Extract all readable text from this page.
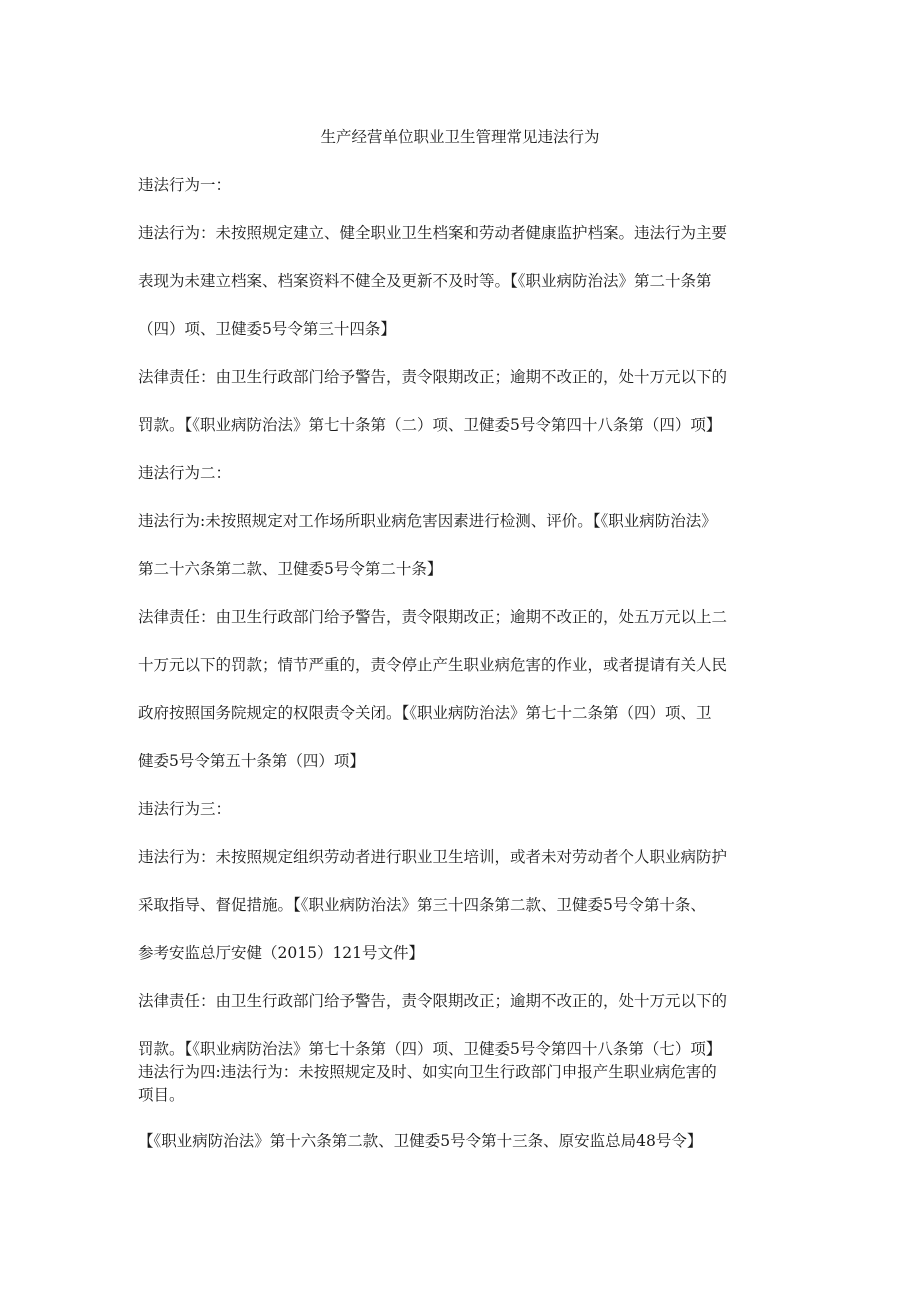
生产经营单位职业卫生管理常见违法行为

违法行为一：

违法行为：未按照规定建立、健全职业卫生档案和劳动者健康监护档案。违法行为主要

表现为未建立档案、档案资料不健全及更新不及时等。【《职业病防治法》第二十条第

（四）项、卫健委5号令第三十四条】

法律责任：由卫生行政部门给予警告，责令限期改正；逾期不改正的，处十万元以下的

罚款。【《职业病防治法》第七十条第（二）项、卫健委5号令第四十八条第（四）项】

违法行为二：

违法行为:未按照规定对工作场所职业病危害因素进行检测、评价。【《职业病防治法》

第二十六条第二款、卫健委5号令第二十条】

法律责任：由卫生行政部门给予警告，责令限期改正；逾期不改正的，处五万元以上二

十万元以下的罚款；情节严重的，责令停止产生职业病危害的作业，或者提请有关人民

政府按照国务院规定的权限责令关闭。【《职业病防治法》第七十二条第（四）项、卫

健委5号令第五十条第（四）项】

违法行为三：

违法行为：未按照规定组织劳动者进行职业卫生培训，或者未对劳动者个人职业病防护

采取指导、督促措施。【《职业病防治法》第三十四条第二款、卫健委5号令第十条、

参考安监总厅安健（2015）121号文件】

法律责任：由卫生行政部门给予警告，责令限期改正；逾期不改正的，处十万元以下的

罚款。【《职业病防治法》第七十条第（四）项、卫健委5号令第四十八条第（七）项】

违法行为四:违法行为：未按照规定及时、如实向卫生行政部门申报产生职业病危害的

项目。

【《职业病防治法》第十六条第二款、卫健委5号令第十三条、原安监总局48号令】
